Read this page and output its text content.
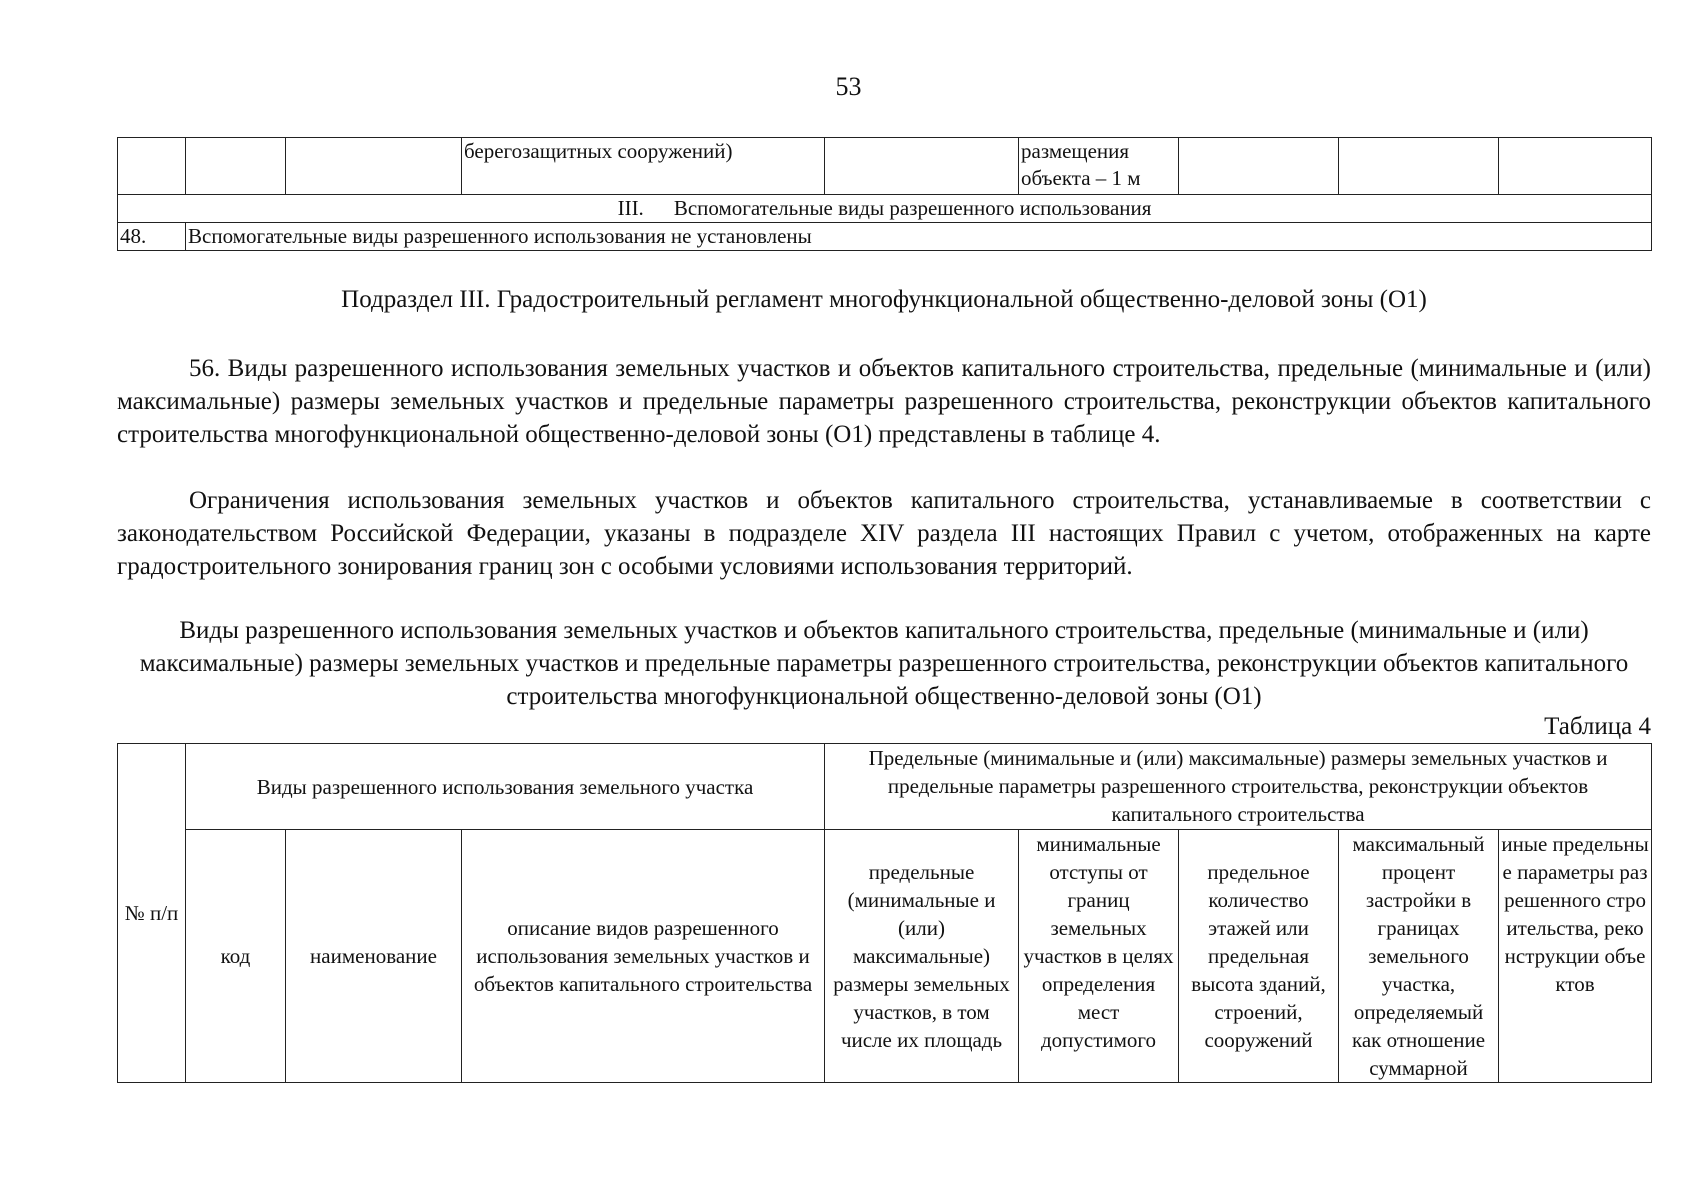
53
			берегозащитных сооружений)		размещения объекта – 1 м			
III. Вспомогательные виды разрешенного использования								
48.	Вспомогательные виды разрешенного использования не установлены							
Подраздел III. Градостроительный регламент многофункциональной общественно-деловой зоны (О1)

56. Виды разрешенного использования земельных участков и объектов капитального строительства, предельные (минимальные и (или) максимальные) размеры земельных участков и предельные параметры разрешенного строительства, реконструкции объектов капитального строительства многофункциональной общественно-деловой зоны (О1) представлены в таблице 4.

Ограничения использования земельных участков и объектов капитального строительства, устанавливаемые в соответствии с законодательством Российской Федерации, указаны в подразделе XIV раздела III настоящих Правил с учетом, отображенных на карте градостроительного зонирования границ зон с особыми условиями использования территорий.

Виды разрешенного использования земельных участков и объектов капитального строительства, предельные (минимальные и (или) максимальные) размеры земельных участков и предельные параметры разрешенного строительства, реконструкции объектов капитального строительства многофункциональной общественно-деловой зоны (О1)
Таблица 4
№ п/п	Виды разрешенного использования земельного участка			Предельные (минимальные и (или) максимальные) размеры земельных участков и предельные параметры разрешенного строительства, реконструкции объектов капитального строительства				
	код	наименование	описание видов разрешенного использования земельных участков и объектов капитального строительства	предельные (минимальные и (или) максимальные) размеры земельных участков, в том числе их площадь	минимальные отступы от границ земельных участков в целях определения мест допустимого	предельное количество этажей или предельная высота зданий, строений, сооружений	максимальный процент застройки в границах земельного участка, определяемый как отношение суммарной	иные предельные параметры разрешенного строительства, реконструкции объектов
